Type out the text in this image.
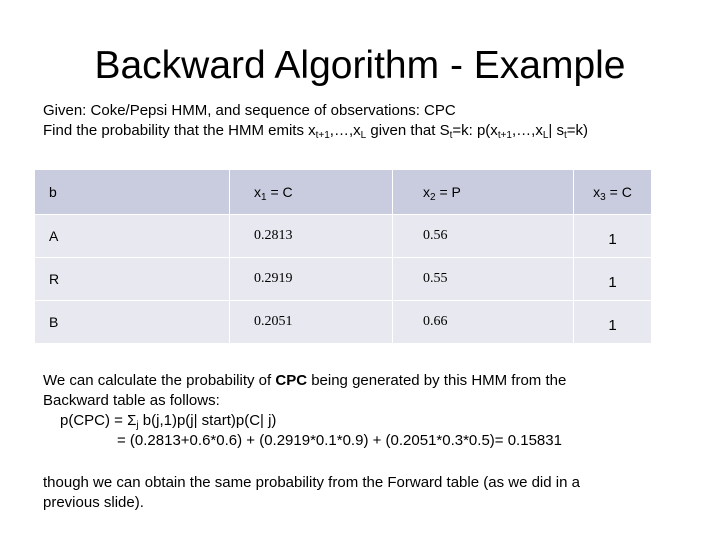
Backward Algorithm - Example
Given: Coke/Pepsi HMM, and sequence of observations: CPC
Find the probability that the HMM emits $x_{t+1},\dots,x_L$ given that $S_t=k$: $p(x_{t+1},\dots,x_L|$ $s_t=k$)
b	$x_1 = C$	$x_2 = P$	$x_3 = C$
A	0.2813	0.56	1
R	0.2919	0.55	1
B	0.2051	0.66	1
We can calculate the probability of CPC being generated by this HMM from the
Backward table as follows:
$p(CPC) = \Sigma_j$ b(j,1)p(j| start)p(C| j)
= (0.2813+0.6*0.6) + (0.2919*0.1*0.9) + (0.2051*0.3*0.5)= 0.15831
though we can obtain the same probability from the Forward table (as we did in a
previous slide).
